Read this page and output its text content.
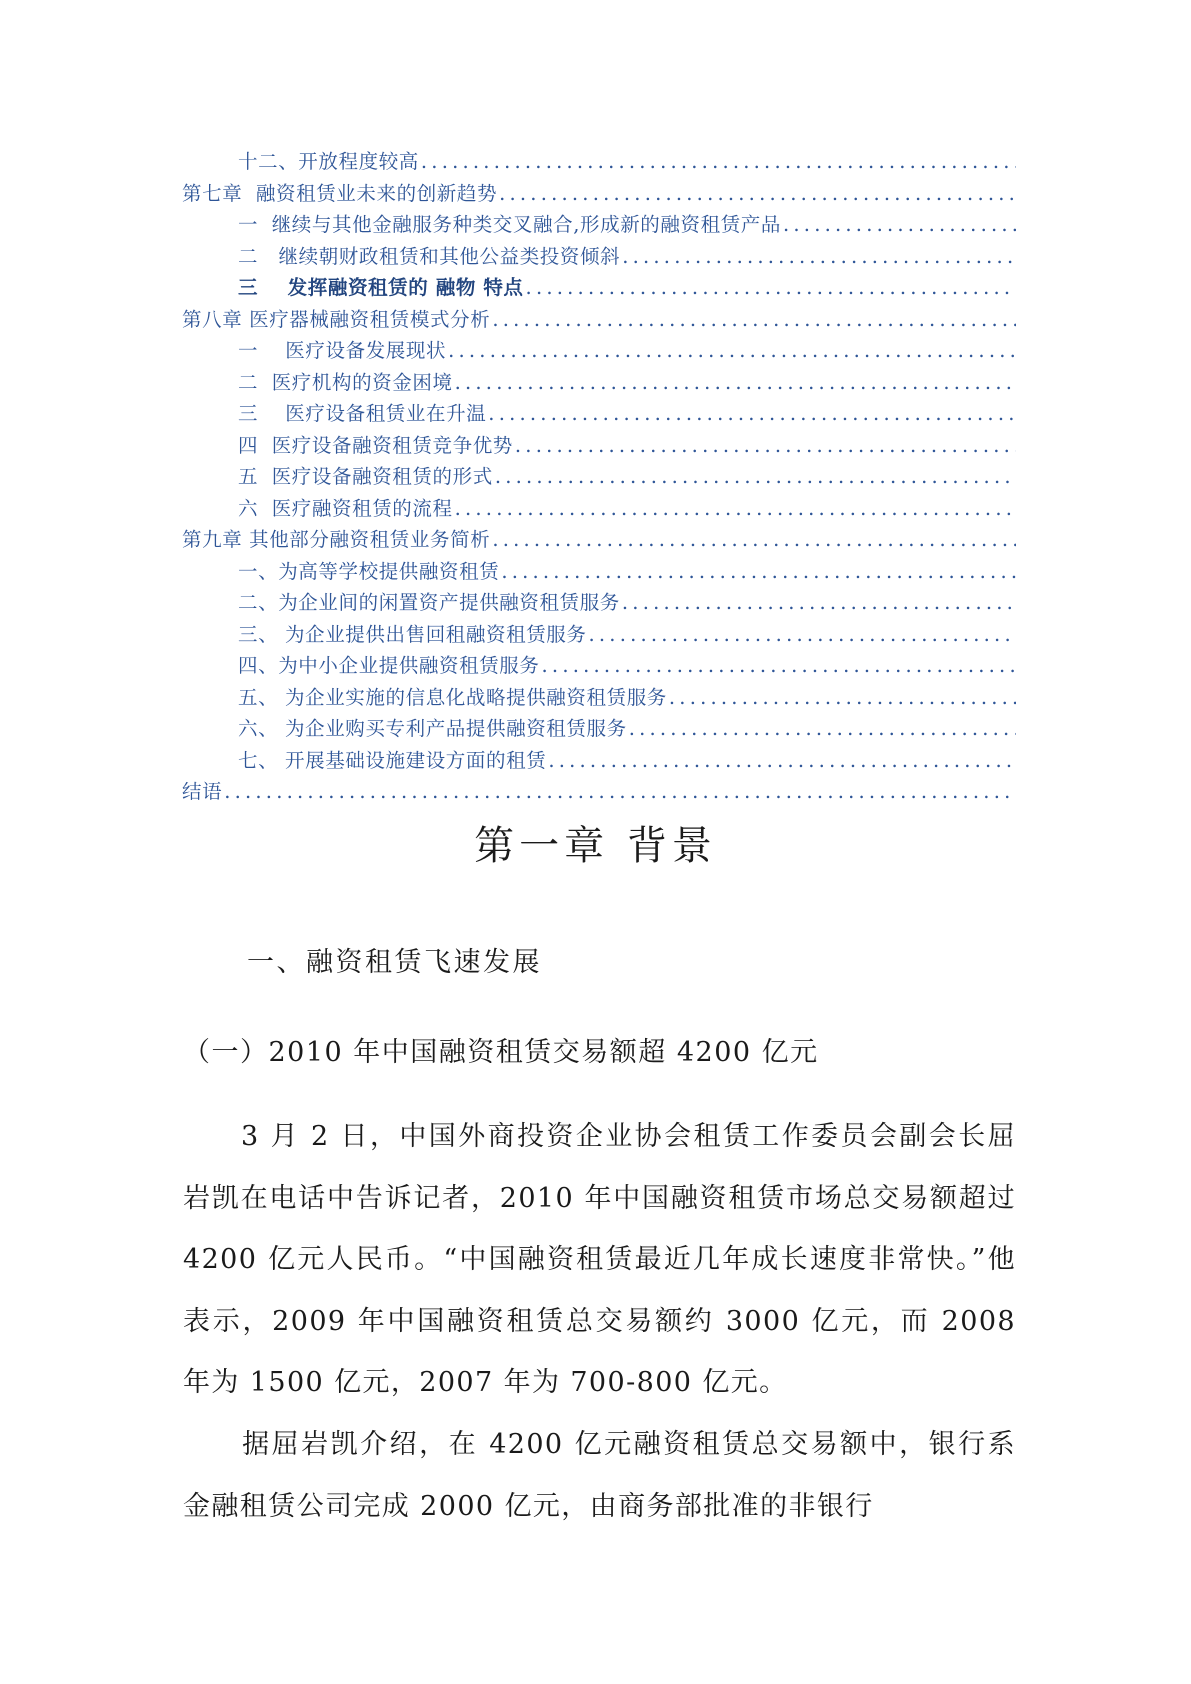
十二、开放程度较高
.....
第七章  融资租赁业未来的创新趋势
.....
一  继续与其他金融服务种类交叉融合,形成新的融资租赁产品
.....
二   继续朝财政租赁和其他公益类投资倾斜
.....
三    发挥融资租赁的 融物 特点
.....
第八章 医疗器械融资租赁模式分析
.....
一    医疗设备发展现状
.....
二  医疗机构的资金困境
.....
三    医疗设备租赁业在升温
.....
四  医疗设备融资租赁竞争优势
.....
五  医疗设备融资租赁的形式
.....
六  医疗融资租赁的流程
.....
第九章 其他部分融资租赁业务简析
.....
一、为高等学校提供融资租赁
.....
二、为企业间的闲置资产提供融资租赁服务
.....
三、 为企业提供出售回租融资租赁服务
.....
四、为中小企业提供融资租赁服务
.....
五、 为企业实施的信息化战略提供融资租赁服务
.....
六、 为企业购买专利产品提供融资租赁服务
.....
七、 开展基础设施建设方面的租赁
.....
结语
.....
第一章 背景
一、融资租赁飞速发展
（一）2010 年中国融资租赁交易额超 4200 亿元
3 月 2 日，中国外商投资企业协会租赁工作委员会副会长屈岩凯在电话中告诉记者，2010 年中国融资租赁市场总交易额超过 4200 亿元人民币。“中国融资租赁最近几年成长速度非常快。”他表示，2009 年中国融资租赁总交易额约 3000 亿元，而 2008 年为 1500 亿元，2007 年为 700-800 亿元。
据屈岩凯介绍，在 4200 亿元融资租赁总交易额中，银行系金融租赁公司完成 2000 亿元，由商务部批准的非银行
